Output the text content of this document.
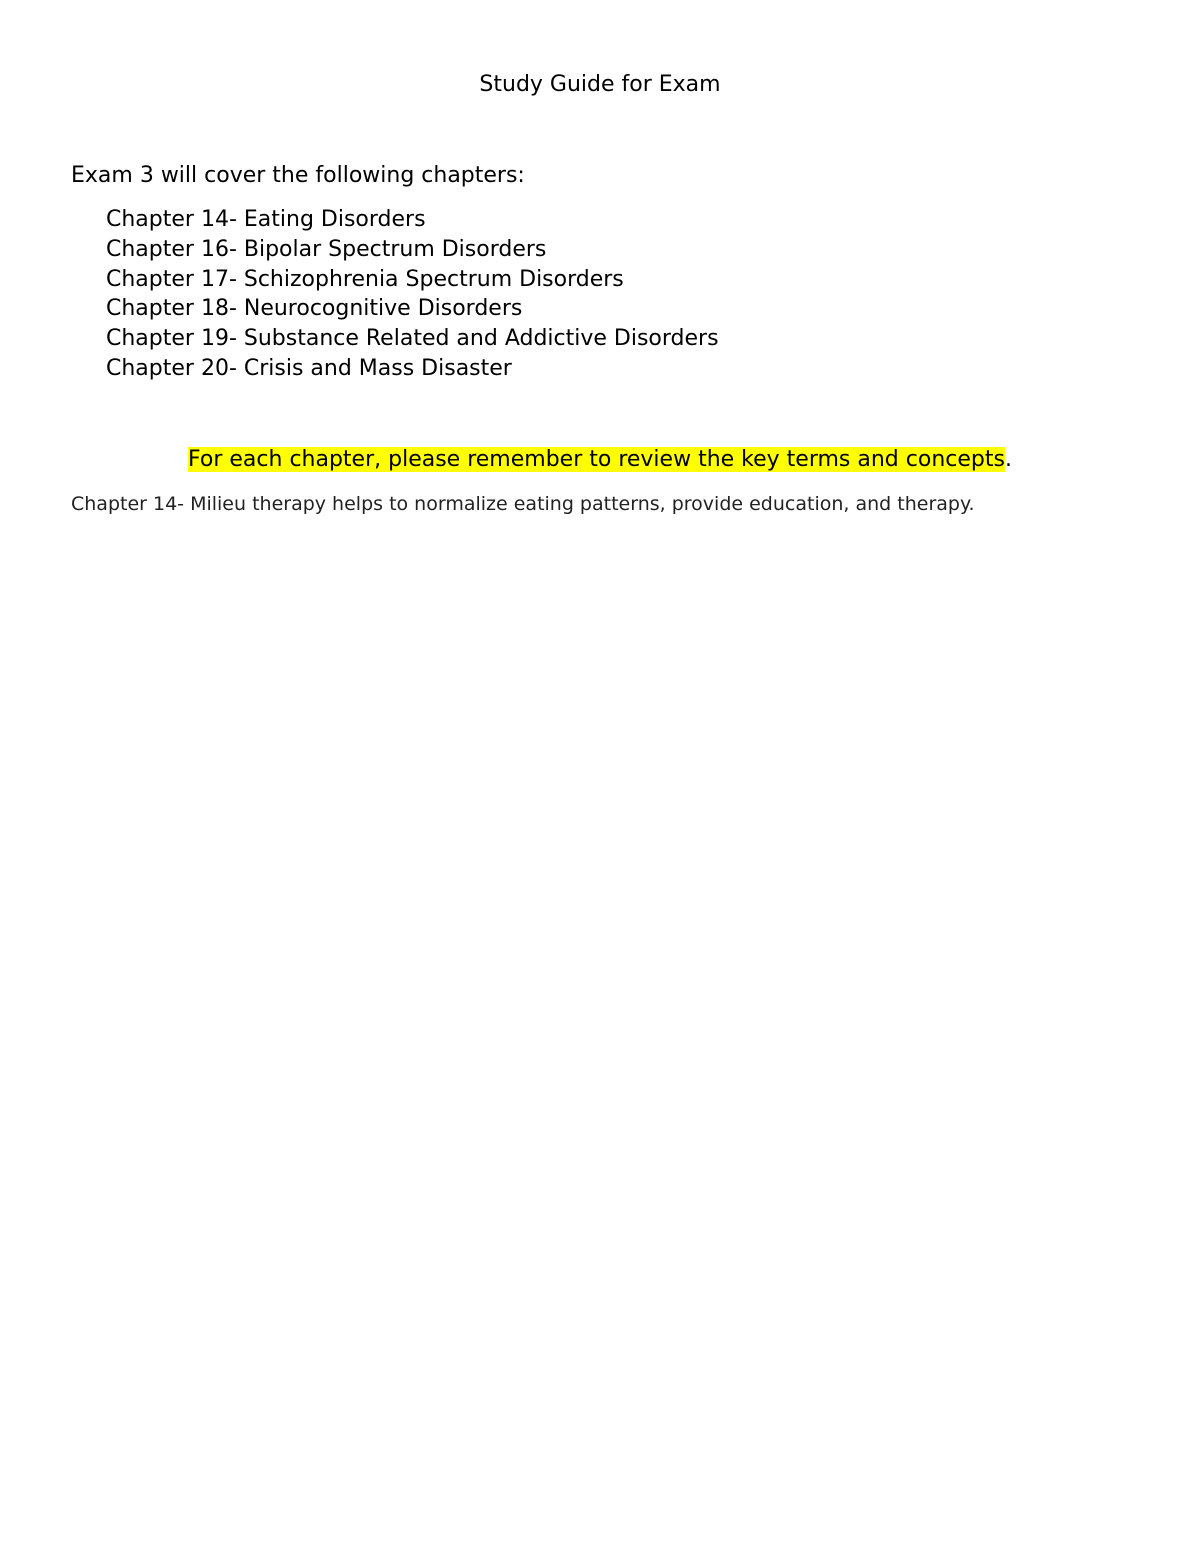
Study Guide for Exam

Exam 3 will cover the following chapters:

Chapter 14- Eating Disorders
Chapter 16- Bipolar Spectrum Disorders
Chapter 17- Schizophrenia Spectrum Disorders
Chapter 18- Neurocognitive Disorders
Chapter 19- Substance Related and Addictive Disorders
Chapter 20- Crisis and Mass Disaster

For each chapter, please remember to review the key terms and concepts.

Chapter 14- Milieu therapy helps to normalize eating patterns, provide education, and therapy.
